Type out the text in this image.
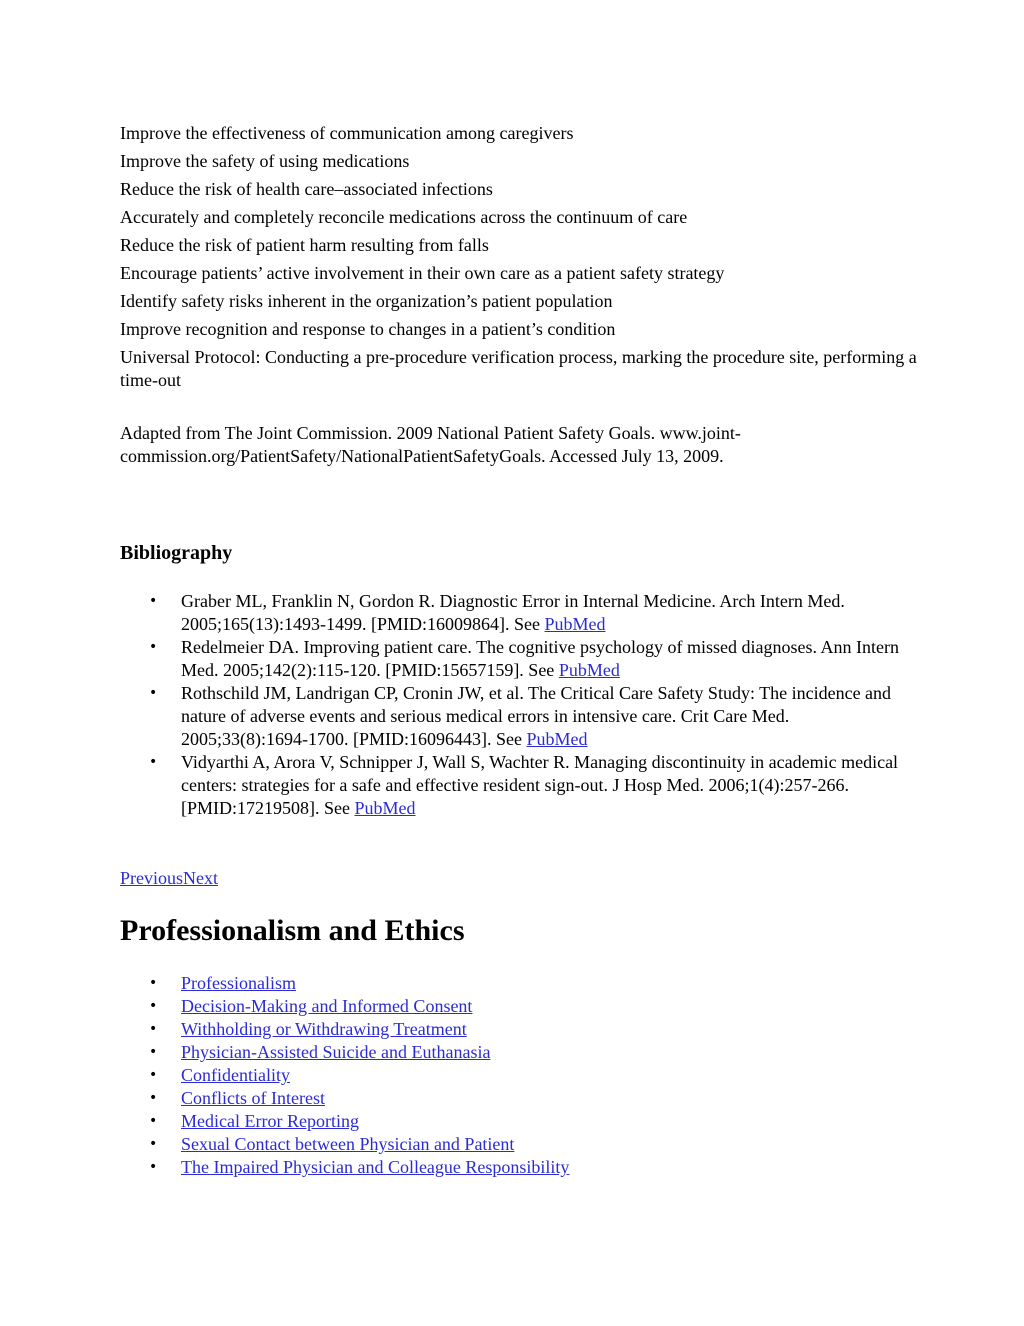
Improve the effectiveness of communication among caregivers
Improve the safety of using medications
Reduce the risk of health care–associated infections
Accurately and completely reconcile medications across the continuum of care
Reduce the risk of patient harm resulting from falls
Encourage patients’ active involvement in their own care as a patient safety strategy
Identify safety risks inherent in the organization’s patient population
Improve recognition and response to changes in a patient’s condition
Universal Protocol: Conducting a pre-procedure verification process, marking the procedure site, performing a time-out
Adapted from The Joint Commission. 2009 National Patient Safety Goals. www.joint-commission.org/PatientSafety/NationalPatientSafetyGoals. Accessed July 13, 2009.
Bibliography
• Graber ML, Franklin N, Gordon R. Diagnostic Error in Internal Medicine. Arch Intern Med. 2005;165(13):1493-1499. [PMID:16009864]. See PubMed
• Redelmeier DA. Improving patient care. The cognitive psychology of missed diagnoses. Ann Intern Med. 2005;142(2):115-120. [PMID:15657159]. See PubMed
• Rothschild JM, Landrigan CP, Cronin JW, et al. The Critical Care Safety Study: The incidence and nature of adverse events and serious medical errors in intensive care. Crit Care Med. 2005;33(8):1694-1700. [PMID:16096443]. See PubMed
• Vidyarthi A, Arora V, Schnipper J, Wall S, Wachter R. Managing discontinuity in academic medical centers: strategies for a safe and effective resident sign-out. J Hosp Med. 2006;1(4):257-266. [PMID:17219508]. See PubMed
PreviousNext
Professionalism and Ethics
• Professionalism
• Decision-Making and Informed Consent
• Withholding or Withdrawing Treatment
• Physician-Assisted Suicide and Euthanasia
• Confidentiality
• Conflicts of Interest
• Medical Error Reporting
• Sexual Contact between Physician and Patient
• The Impaired Physician and Colleague Responsibility
